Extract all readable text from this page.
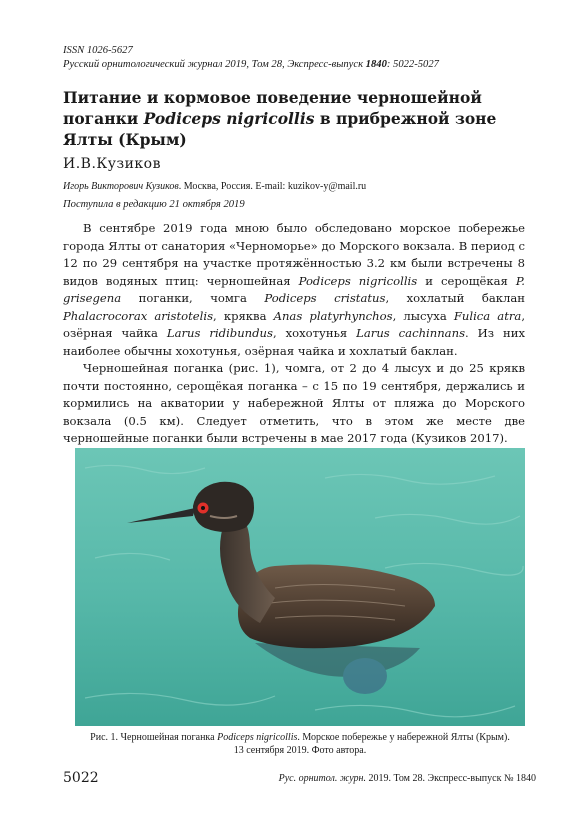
ISSN 1026-5627
Русский орнитологический журнал 2019, Том 28, Экспресс-выпуск 1840: 5022-5027
Питание и кормовое поведение черношейной поганки Podiceps nigricollis в прибрежной зоне Ялты (Крым)
И.В.Кузиков
Игорь Викторович Кузиков. Москва, Россия. E-mail: kuzikov-y@mail.ru
Поступила в редакцию 21 октября 2019

В сентябре 2019 года мною было обследовано морское побережье города Ялты от санатория «Черноморье» до Морского вокзала. В период с 12 по 29 сентября на участке протяжённостью 3.2 км были встречены 8 видов водяных птиц: черношейная Podiceps nigricollis и серощёкая P. grisegena поганки, чомга Podiceps cristatus, хохлатый баклан Phalacrocorax aristotelis, кряква Anas platyrhynchos, лысуха Fulica atra, озёрная чайка Larus ridibundus, хохотунья Larus cachinnans. Из них наиболее обычны хохотунья, озёрная чайка и хохлатый баклан.

Черношейная поганка (рис. 1), чомга, от 2 до 4 лысух и до 25 крякв почти постоянно, серощёкая поганка – с 15 по 19 сентября, держались и кормились на акватории у набережной Ялты от пляжа до Морского вокзала (0.5 км). Следует отметить, что в этом же месте две черношейные поганки были встречены в мае 2017 года (Кузиков 2017).

Рис. 1. Черношейная поганка Podiceps nigricollis. Морское побережье у набережной Ялты (Крым).
13 сентября 2019. Фото автора.
5022	Рус. орнитол. журн. 2019. Том 28. Экспресс-выпуск № 1840
